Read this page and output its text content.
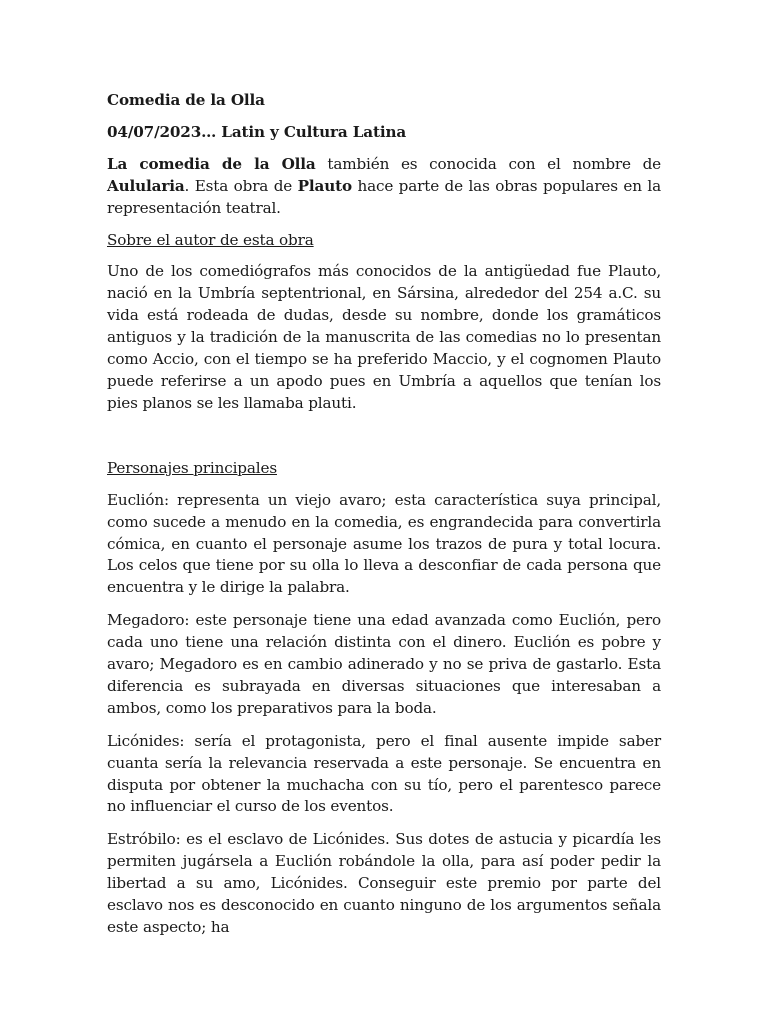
Comedia de la Olla

04/07/2023… Latin y Cultura Latina

La comedia de la Olla también es conocida con el nombre de Aulularia. Esta obra de Plauto hace parte de las obras populares en la representación teatral.

Sobre el autor de esta obra

Uno de los comediógrafos más conocidos de la antigüedad fue Plauto, nació en la Umbría septentrional, en Sársina, alrededor del 254 a.C. su vida está rodeada de dudas, desde su nombre, donde los gramáticos antiguos y la tradición de la manuscrita de las comedias no lo presentan como Accio, con el tiempo se ha preferido Maccio, y el cognomen Plauto puede referirse a un apodo pues en Umbría a aquellos que tenían los pies planos se les llamaba plauti.

Personajes principales

Euclión: representa un viejo avaro; esta característica suya principal, como sucede a menudo en la comedia, es engrandecida para convertirla cómica, en cuanto el personaje asume los trazos de pura y total locura. Los celos que tiene por su olla lo lleva a desconfiar de cada persona que encuentra y le dirige la palabra.

Megadoro: este personaje tiene una edad avanzada como Euclión, pero cada uno tiene una relación distinta con el dinero. Euclión es pobre y avaro; Megadoro es en cambio adinerado y no se priva de gastarlo. Esta diferencia es subrayada en diversas situaciones que interesaban a ambos, como los preparativos para la boda.

Licónides: sería el protagonista, pero el final ausente impide saber cuanta sería la relevancia reservada a este personaje. Se encuentra en disputa por obtener la muchacha con su tío, pero el parentesco parece no influenciar el curso de los eventos.

Estróbilo: es el esclavo de Licónides. Sus dotes de astucia y picardía les permiten jugársela a Euclión robándole la olla, para así poder pedir la libertad a su amo, Licónides. Conseguir este premio por parte del esclavo nos es desconocido en cuanto ninguno de los argumentos señala este aspecto; ha
